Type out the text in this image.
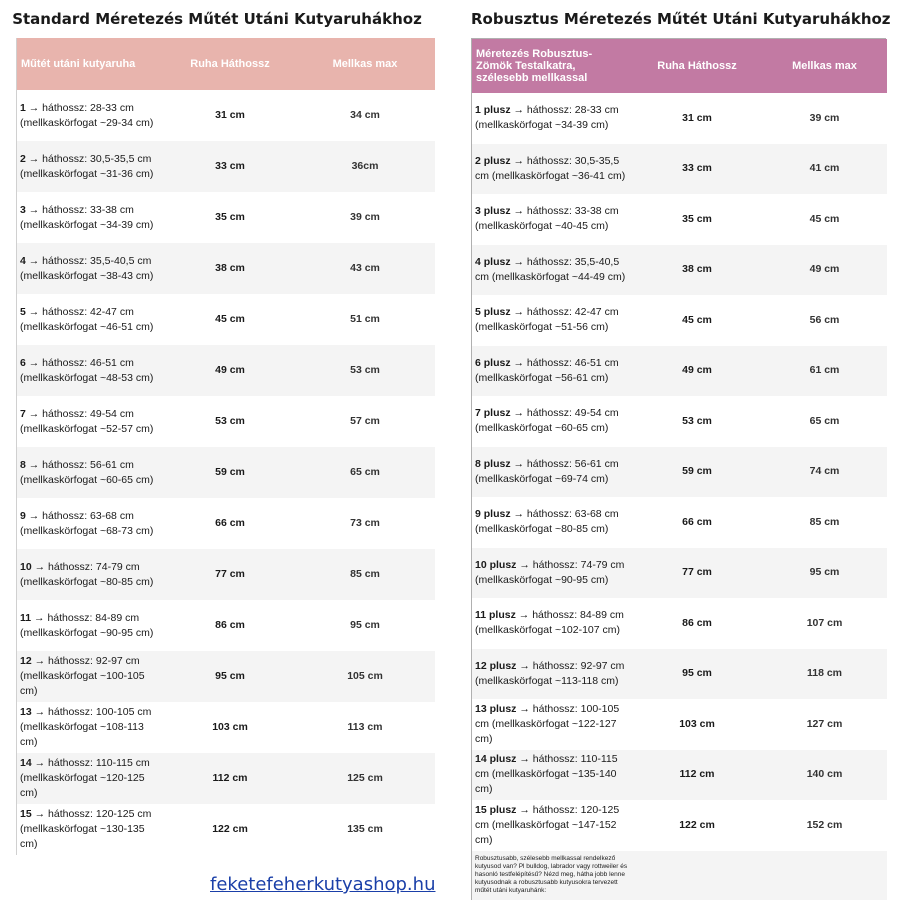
Standard Méretezés Műtét Utáni Kutyaruhákhoz
Műtét utáni kutyaruha	Ruha Háthossz	Mellkas max
1 → háthossz: 28-33 cm (mellkaskörfogat ~29-34 cm)	31 cm	34 cm
2 → háthossz: 30,5-35,5 cm (mellkaskörfogat ~31-36 cm)	33 cm	36cm
3 → háthossz: 33-38 cm (mellkaskörfogat ~34-39 cm)	35 cm	39 cm
4 → háthossz: 35,5-40,5 cm (mellkaskörfogat ~38-43 cm)	38 cm	43 cm
5 → háthossz: 42-47 cm (mellkaskörfogat ~46-51 cm)	45 cm	51 cm
6 → háthossz: 46-51 cm (mellkaskörfogat ~48-53 cm)	49 cm	53 cm
7 → háthossz: 49-54 cm (mellkaskörfogat ~52-57 cm)	53 cm	57 cm
8 → háthossz: 56-61 cm (mellkaskörfogat ~60-65 cm)	59 cm	65 cm
9 → háthossz: 63-68 cm (mellkaskörfogat ~68-73 cm)	66 cm	73 cm
10 → háthossz: 74-79 cm (mellkaskörfogat ~80-85 cm)	77 cm	85 cm
11 → háthossz: 84-89 cm (mellkaskörfogat ~90-95 cm)	86 cm	95 cm
12 → háthossz: 92-97 cm (mellkaskörfogat ~100-105 cm)	95 cm	105 cm
13 → háthossz: 100-105 cm (mellkaskörfogat ~108-113 cm)	103 cm	113 cm
14 → háthossz: 110-115 cm (mellkaskörfogat ~120-125 cm)	112 cm	125 cm
15 → háthossz: 120-125 cm (mellkaskörfogat ~130-135 cm)	122 cm	135 cm
Robusztus Méretezés Műtét Utáni Kutyaruhákhoz
Méretezés Robusztus-Zömök Testalkatra, szélesebb mellkassal	Ruha Háthossz	Mellkas max
1 plusz → háthossz: 28-33 cm (mellkaskörfogat ~34-39 cm)	31 cm	39 cm
2 plusz → háthossz: 30,5-35,5 cm (mellkaskörfogat ~36-41 cm)	33 cm	41 cm
3 plusz → háthossz: 33-38 cm (mellkaskörfogat ~40-45 cm)	35 cm	45 cm
4 plusz → háthossz: 35,5-40,5 cm (mellkaskörfogat ~44-49 cm)	38 cm	49 cm
5 plusz → háthossz: 42-47 cm (mellkaskörfogat ~51-56 cm)	45 cm	56 cm
6 plusz → háthossz: 46-51 cm (mellkaskörfogat ~56-61 cm)	49 cm	61 cm
7 plusz → háthossz: 49-54 cm (mellkaskörfogat ~60-65 cm)	53 cm	65 cm
8 plusz → háthossz: 56-61 cm (mellkaskörfogat ~69-74 cm)	59 cm	74 cm
9 plusz → háthossz: 63-68 cm (mellkaskörfogat ~80-85 cm)	66 cm	85 cm
10 plusz → háthossz: 74-79 cm (mellkaskörfogat ~90-95 cm)	77 cm	95 cm
11 plusz → háthossz: 84-89 cm (mellkaskörfogat ~102-107 cm)	86 cm	107 cm
12 plusz → háthossz: 92-97 cm (mellkaskörfogat ~113-118 cm)	95 cm	118 cm
13 plusz → háthossz: 100-105 cm (mellkaskörfogat ~122-127 cm)	103 cm	127 cm
14 plusz → háthossz: 110-115 cm (mellkaskörfogat ~135-140 cm)	112 cm	140 cm
15 plusz → háthossz: 120-125 cm (mellkaskörfogat ~147-152 cm)	122 cm	152 cm
Robusztusabb, szélesebb mellkassal rendelkező kutyusod van? Pl bulldog, labrador vagy rottweiler és hasonló testfelépítésű? Nézd meg, hátha jobb lenne kutyusodnak a robusztusabb kutyusokra tervezett műtét utáni kutyaruhánk:		
feketefeherkutyashop.hu
